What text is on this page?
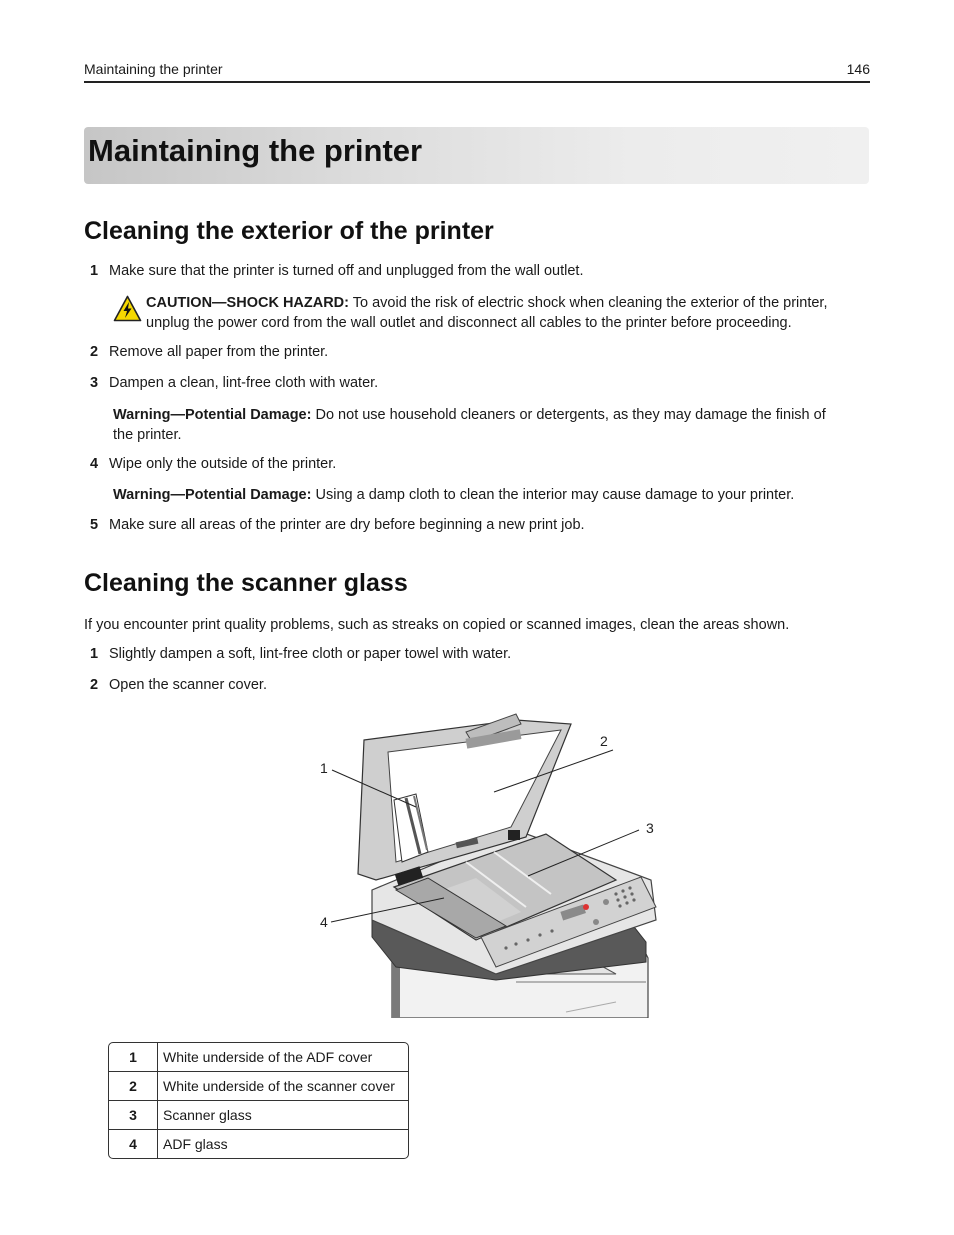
Maintaining the printer	146
Maintaining the printer
Cleaning the exterior of the printer
1 Make sure that the printer is turned off and unplugged from the wall outlet.
CAUTION—SHOCK HAZARD: To avoid the risk of electric shock when cleaning the exterior of the printer,
unplug the power cord from the wall outlet and disconnect all cables to the printer before proceeding.
2 Remove all paper from the printer.
3 Dampen a clean, lint-free cloth with water.
Warning—Potential Damage: Do not use household cleaners or detergents, as they may damage the finish of
the printer.
4 Wipe only the outside of the printer.
Warning—Potential Damage: Using a damp cloth to clean the interior may cause damage to your printer.
5 Make sure all areas of the printer are dry before beginning a new print job.
Cleaning the scanner glass
If you encounter print quality problems, such as streaks on copied or scanned images, clean the areas shown.
1 Slightly dampen a soft, lint-free cloth or paper towel with water.
2 Open the scanner cover.
1
2
3
4
1	White underside of the ADF cover
2	White underside of the scanner cover
3	Scanner glass
4	ADF glass
